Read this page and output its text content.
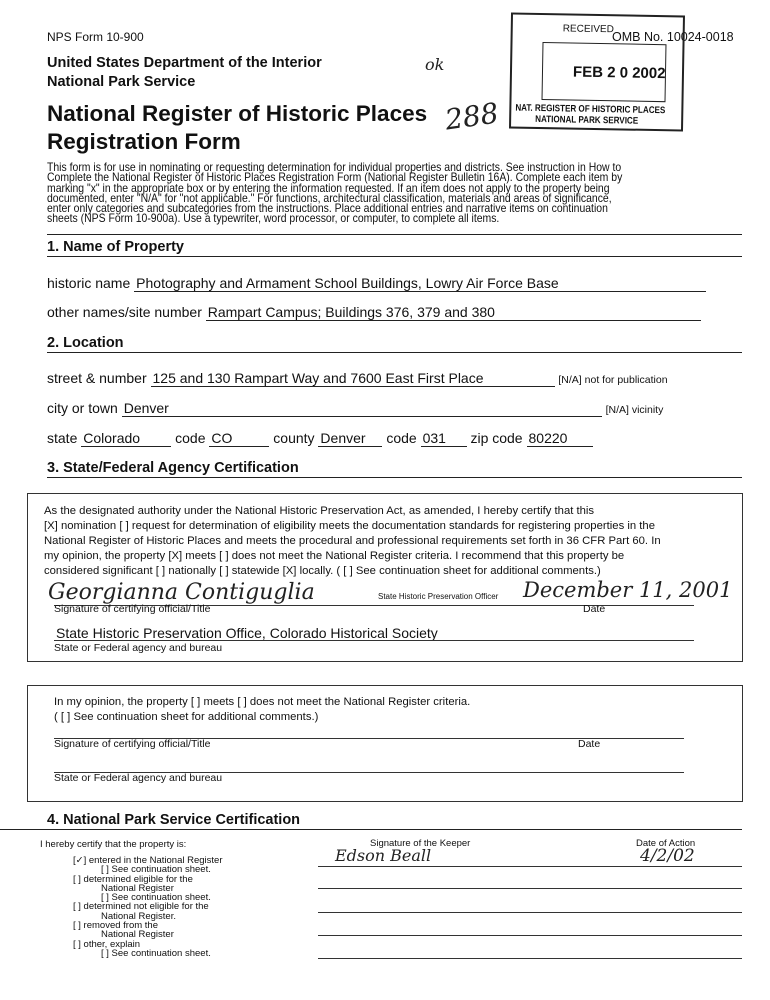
NPS Form 10-900	OMB No. 10024-0018
RECEIVED
FEB 2 0 2002
NAT. REGISTER OF HISTORIC PLACES
NATIONAL PARK SERVICE
United States Department of the Interior
National Park Service
ok
288
National Register of Historic Places
Registration Form
This form is for use in nominating or requesting determination for individual properties and districts. See instruction in How to
Complete the National Register of Historic Places Registration Form (National Register Bulletin 16A). Complete each item by
marking "x" in the appropriate box or by entering the information requested. If an item does not apply to the property being
documented, enter "N/A" for "not applicable." For functions, architectural classification, materials and areas of significance,
enter only categories and subcategories from the instructions. Place additional entries and narrative items on continuation
sheets (NPS Form 10-900a). Use a typewriter, word processor, or computer, to complete all items.
1. Name of Property
historic name Photography and Armament School Buildings, Lowry Air Force Base
other names/site number Rampart Campus; Buildings 376, 379 and 380
2. Location
street & number 125 and 130 Rampart Way and 7600 East First Place	[N/A] not for publication
city or town Denver	[N/A] vicinity
state Colorado	code CO	county Denver code 031 zip code 80220
3. State/Federal Agency Certification
As the designated authority under the National Historic Preservation Act, as amended, I hereby certify that this
[X] nomination [ ] request for determination of eligibility meets the documentation standards for registering properties in the
National Register of Historic Places and meets the procedural and professional requirements set forth in 36 CFR Part 60. In
my opinion, the property [X] meets [ ] does not meet the National Register criteria. I recommend that this property be
considered significant [ ] nationally [ ] statewide [X] locally. ( [ ] See continuation sheet for additional comments.)
Georgianna Contiguglia	State Historic Preservation Officer December 11, 2001
Signature of certifying official/Title	Date
State Historic Preservation Office, Colorado Historical Society
State or Federal agency and bureau
In my opinion, the property [ ] meets [ ] does not meet the National Register criteria.
( [ ] See continuation sheet for additional comments.)
Signature of certifying official/Title	Date
State or Federal agency and bureau
4. National Park Service Certification
I hereby certify that the property is:
[✓] entered in the National Register
[ ] See continuation sheet.
[ ] determined eligible for the
National Register
[ ] See continuation sheet.
[ ] determined not eligible for the
National Register.
[ ] removed from the
National Register
[ ] other, explain
[ ] See continuation sheet.
Signature of the Keeper	Date of Action
Edson Beall	4/2/02
